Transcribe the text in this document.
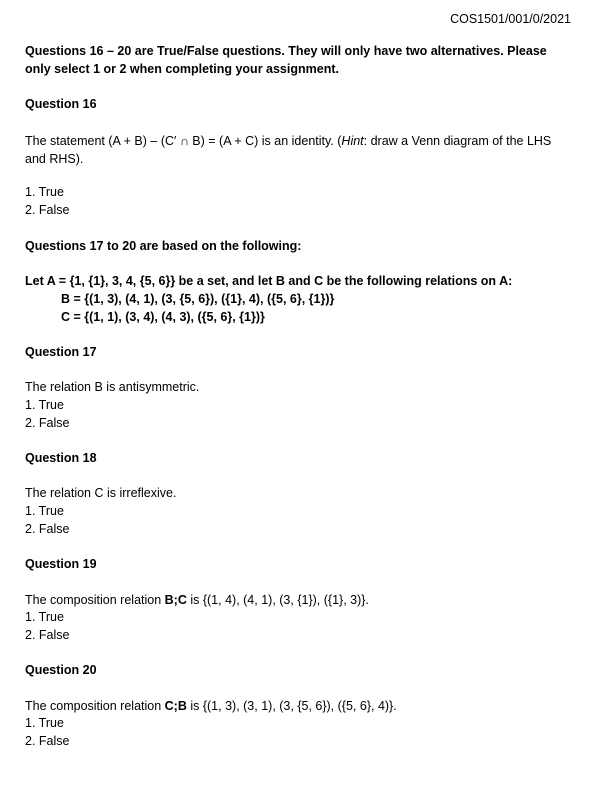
COS1501/001/0/2021
Questions 16 – 20 are True/False questions. They will only have two alternatives. Please only select 1 or 2 when completing your assignment.
Question 16
The statement (A + B) – (C′ ∩ B) = (A + C) is an identity. (Hint: draw a Venn diagram of the LHS and RHS).
1. True
2. False
Questions 17 to 20 are based on the following:
Let A = {1, {1}, 3, 4, {5, 6}} be a set, and let B and C be the following relations on A:
B = {(1, 3), (4, 1), (3, {5, 6}), ({1}, 4), ({5, 6}, {1})}
C = {(1, 1), (3, 4), (4, 3), ({5, 6}, {1})}
Question 17
The relation B is antisymmetric.
1. True
2. False
Question 18
The relation C is irreflexive.
1. True
2. False
Question 19
The composition relation B;C is {(1, 4), (4, 1), (3, {1}), ({1}, 3)}.
1. True
2. False
Question 20
The composition relation C;B is {(1, 3), (3, 1), (3, {5, 6}), ({5, 6}, 4)}.
1. True
2. False
